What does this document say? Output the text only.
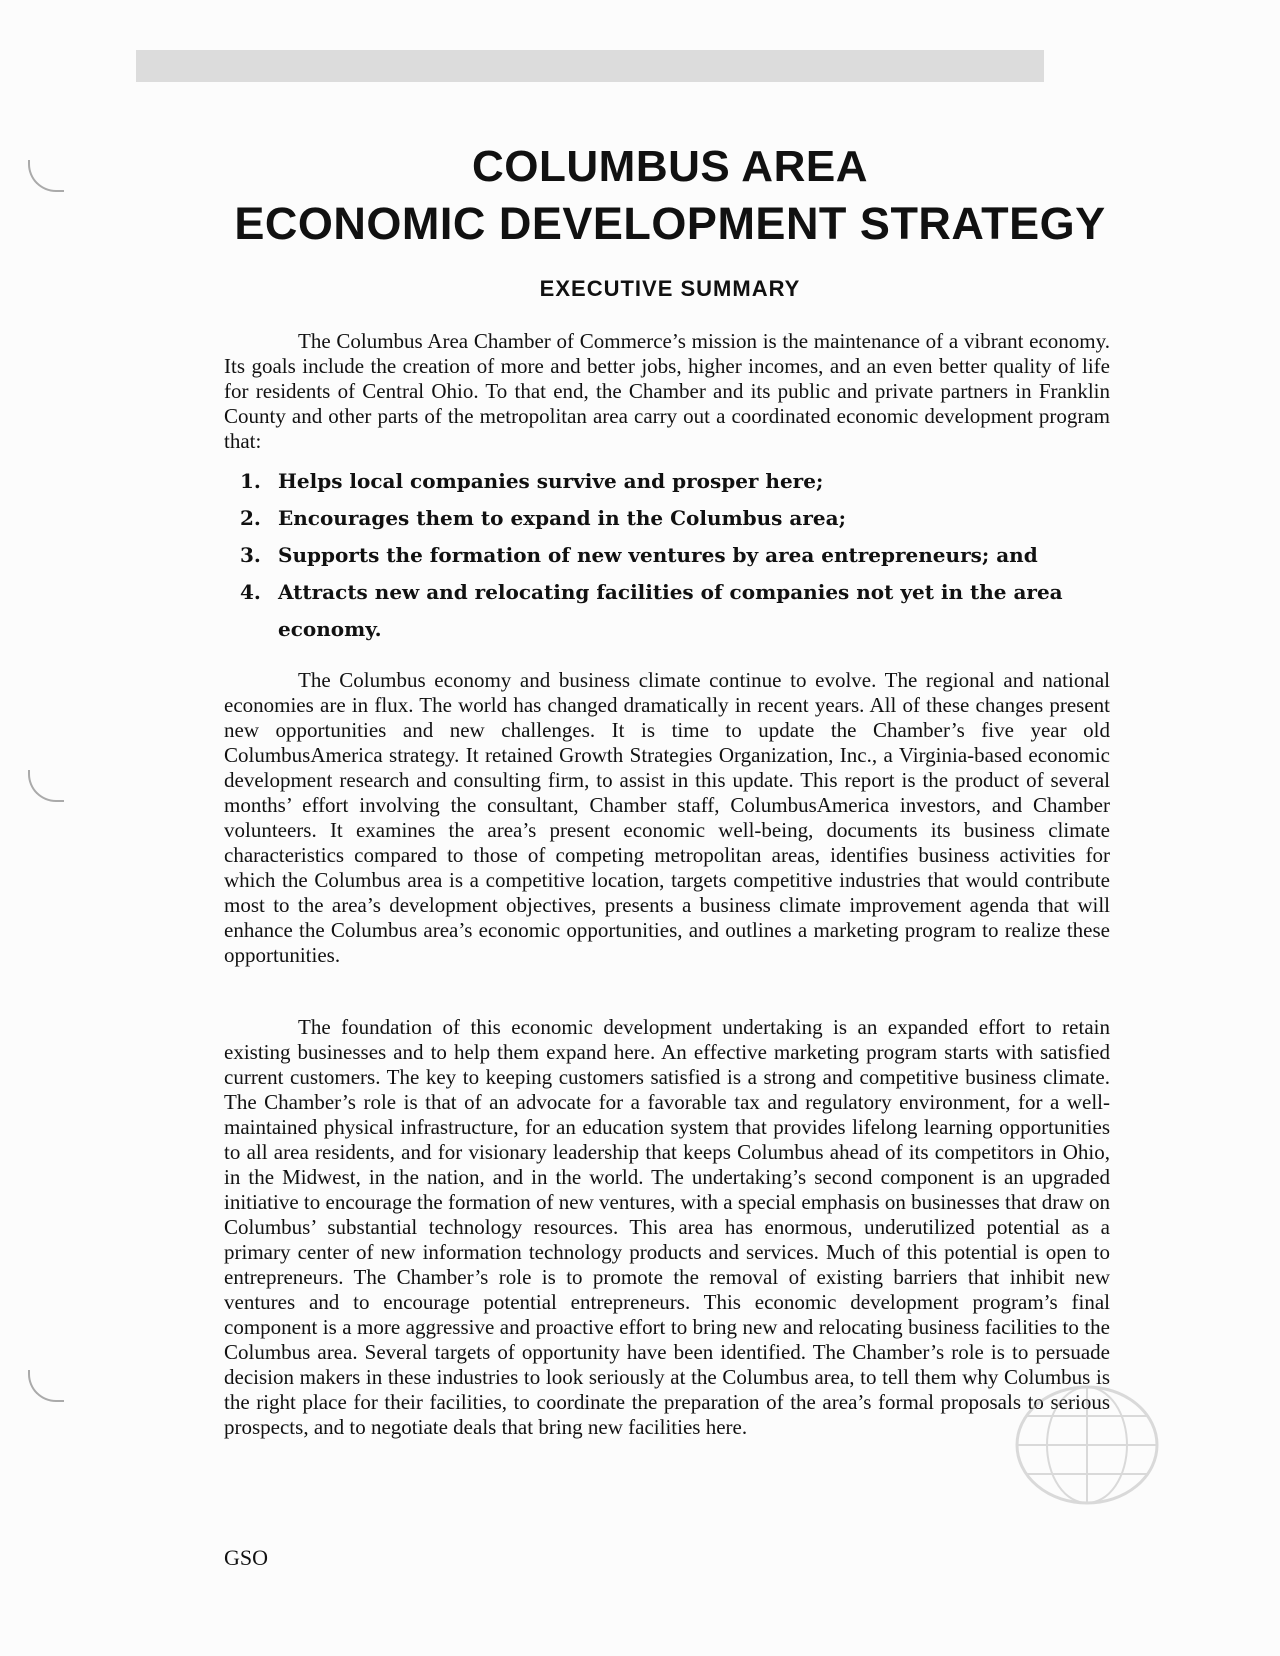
COLUMBUS AREA
ECONOMIC DEVELOPMENT STRATEGY
EXECUTIVE SUMMARY

The Columbus Area Chamber of Commerce’s mission is the maintenance of a vibrant economy. Its goals include the creation of more and better jobs, higher incomes, and an even better quality of life for residents of Central Ohio. To that end, the Chamber and its public and private partners in Franklin County and other parts of the metropolitan area carry out a coordinated economic development program that:

1. Helps local companies survive and prosper here;
2. Encourages them to expand in the Columbus area;
3. Supports the formation of new ventures by area entrepreneurs; and
4. Attracts new and relocating facilities of companies not yet in the area economy.

The Columbus economy and business climate continue to evolve. The regional and national economies are in flux. The world has changed dramatically in recent years. All of these changes present new opportunities and new challenges. It is time to update the Chamber’s five year old ColumbusAmerica strategy. It retained Growth Strategies Organization, Inc., a Virginia-based economic development research and consulting firm, to assist in this update. This report is the product of several months’ effort involving the consultant, Chamber staff, ColumbusAmerica investors, and Chamber volunteers. It examines the area’s present economic well-being, documents its business climate characteristics compared to those of competing metropolitan areas, identifies business activities for which the Columbus area is a competitive location, targets competitive industries that would contribute most to the area’s development objectives, presents a business climate improvement agenda that will enhance the Columbus area’s economic opportunities, and outlines a marketing program to realize these opportunities.

The foundation of this economic development undertaking is an expanded effort to retain existing businesses and to help them expand here. An effective marketing program starts with satisfied current customers. The key to keeping customers satisfied is a strong and competitive business climate. The Chamber’s role is that of an advocate for a favorable tax and regulatory environment, for a well-maintained physical infrastructure, for an education system that provides lifelong learning opportunities to all area residents, and for visionary leadership that keeps Columbus ahead of its competitors in Ohio, in the Midwest, in the nation, and in the world. The undertaking’s second component is an upgraded initiative to encourage the formation of new ventures, with a special emphasis on businesses that draw on Columbus’ substantial technology resources. This area has enormous, underutilized potential as a primary center of new information technology products and services. Much of this potential is open to entrepreneurs. The Chamber’s role is to promote the removal of existing barriers that inhibit new ventures and to encourage potential entrepreneurs. This economic development program’s final component is a more aggressive and proactive effort to bring new and relocating business facilities to the Columbus area. Several targets of opportunity have been identified. The Chamber’s role is to persuade decision makers in these industries to look seriously at the Columbus area, to tell them why Columbus is the right place for their facilities, to coordinate the preparation of the area’s formal proposals to serious prospects, and to negotiate deals that bring new facilities here.

GSO
